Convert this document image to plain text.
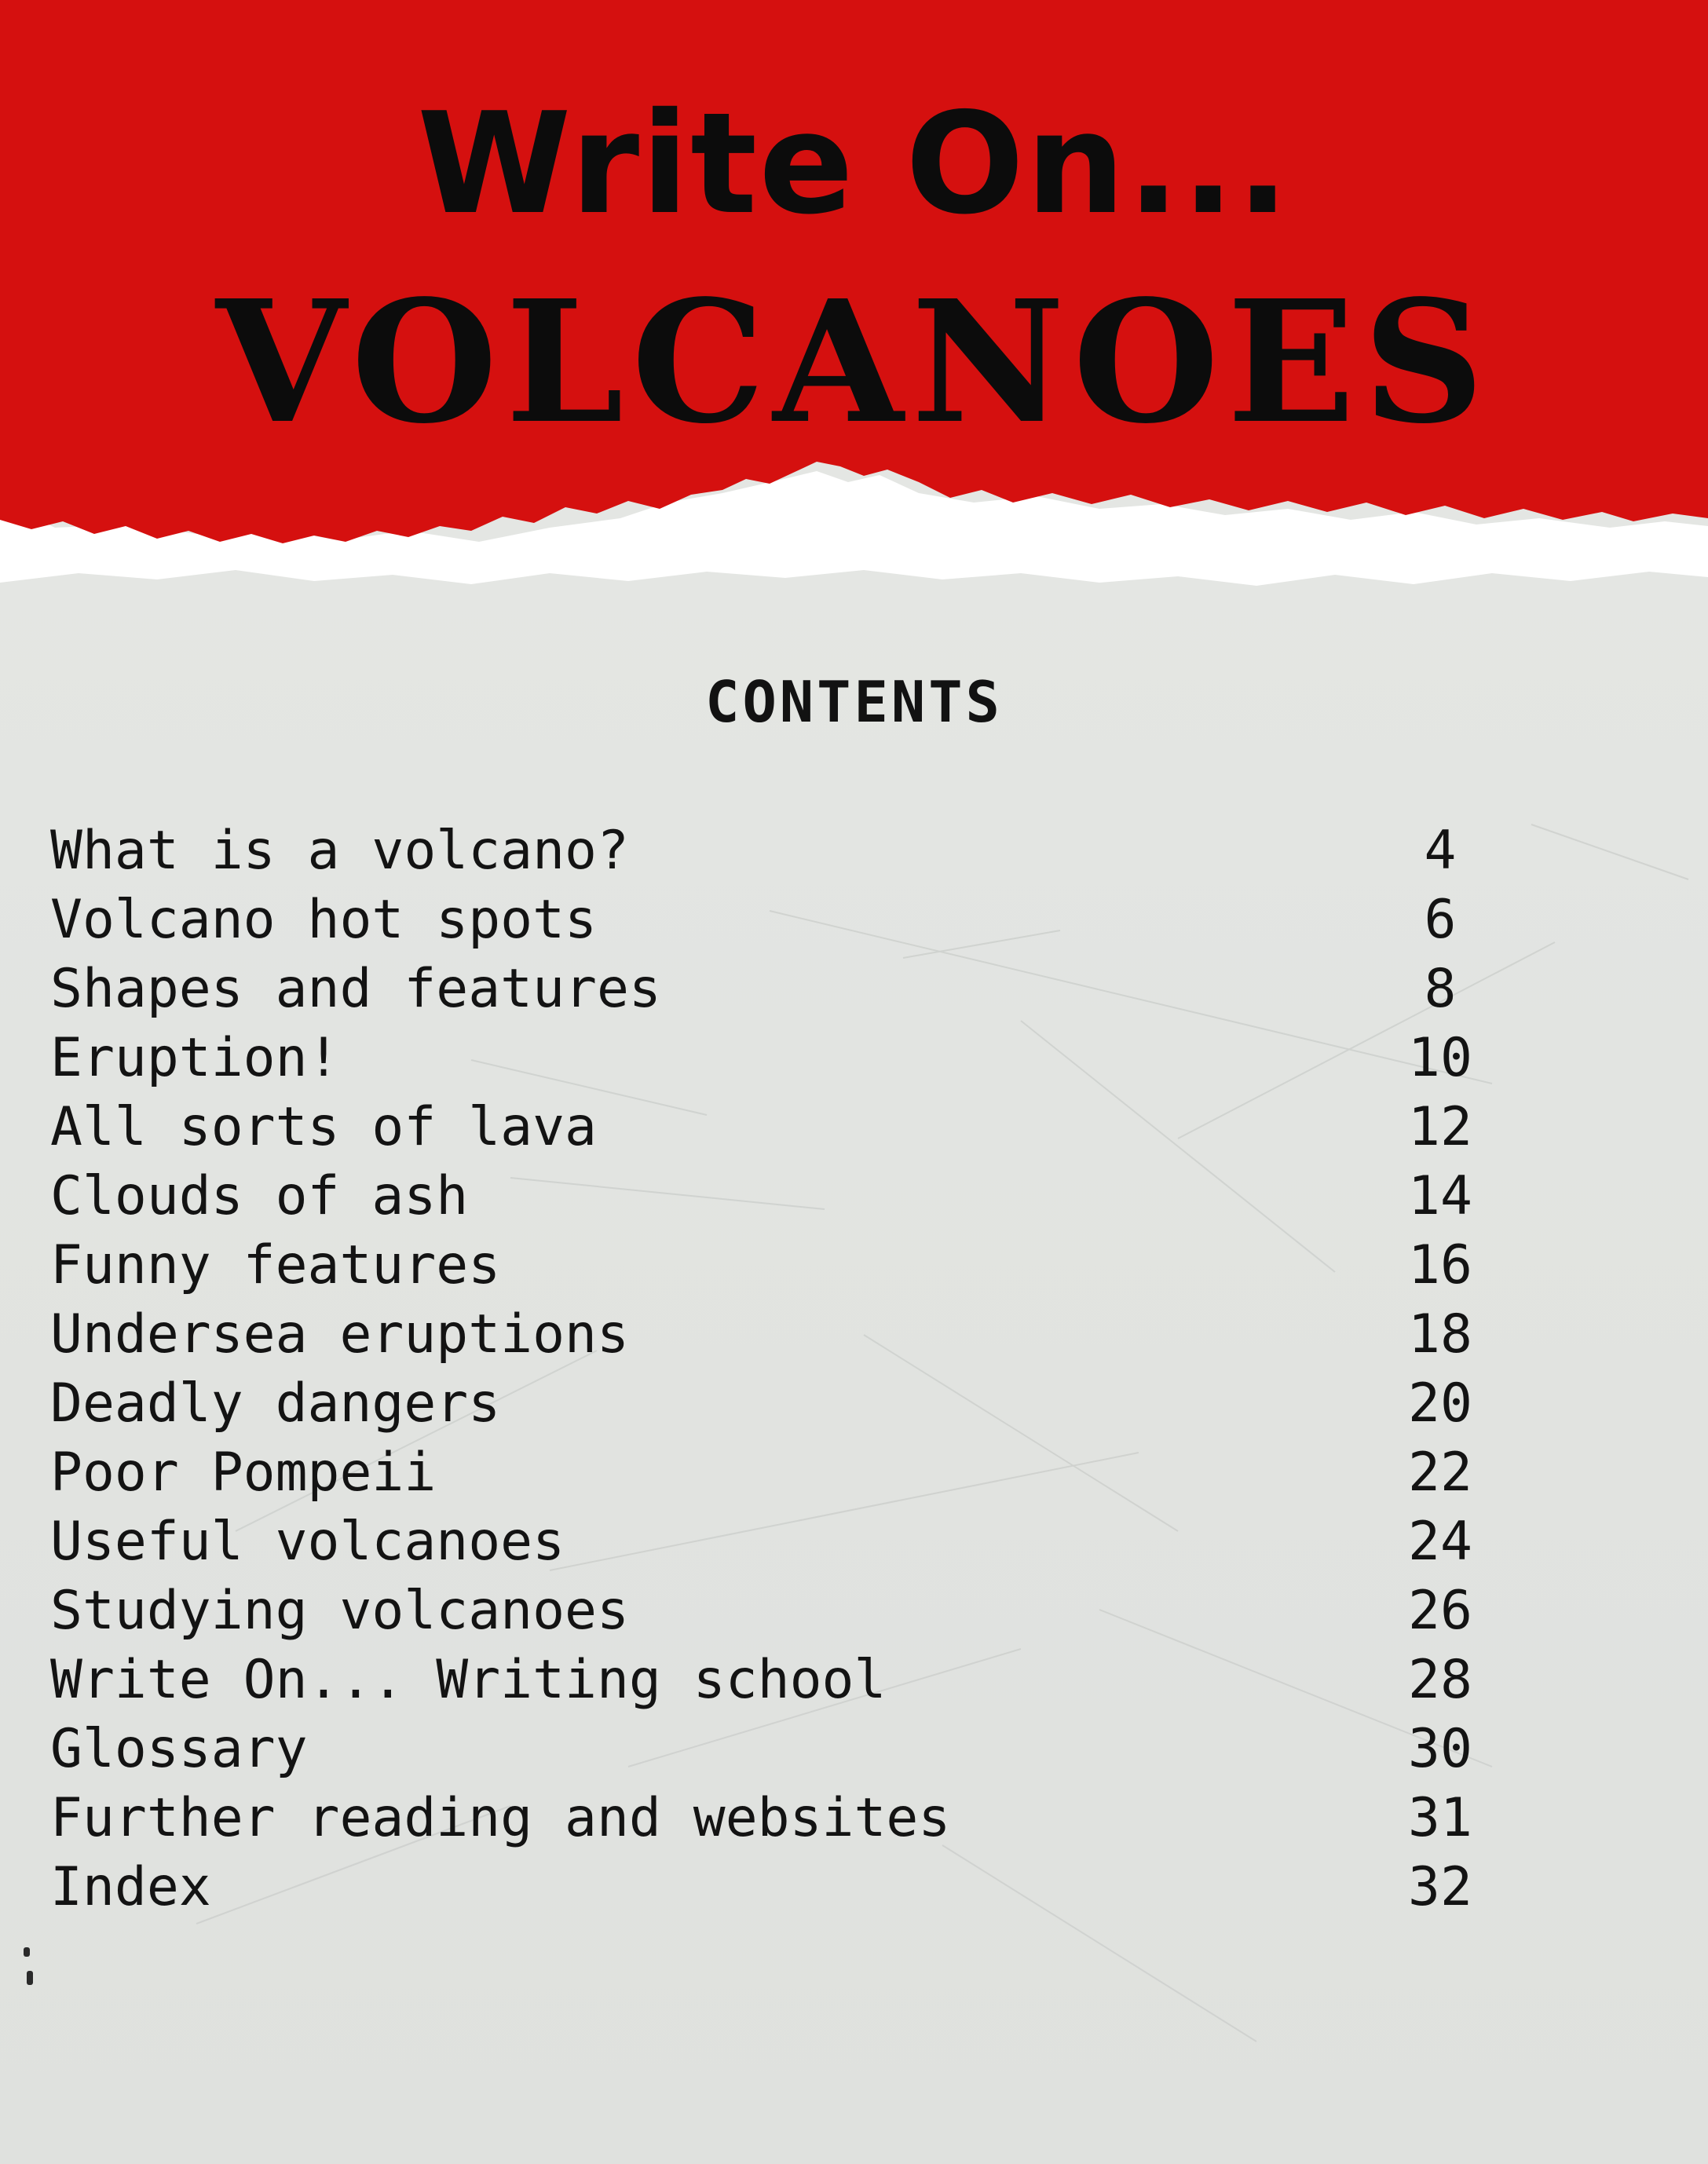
Write On...
VOLCANOES
CONTENTS
What is a volcano?	4
Volcano hot spots	6
Shapes and features	8
Eruption!	10
All sorts of lava	12
Clouds of ash	14
Funny features	16
Undersea eruptions	18
Deadly dangers	20
Poor Pompeii	22
Useful volcanoes	24
Studying volcanoes	26
Write On... Writing school	28
Glossary	30
Further reading and websites	31
Index	32
